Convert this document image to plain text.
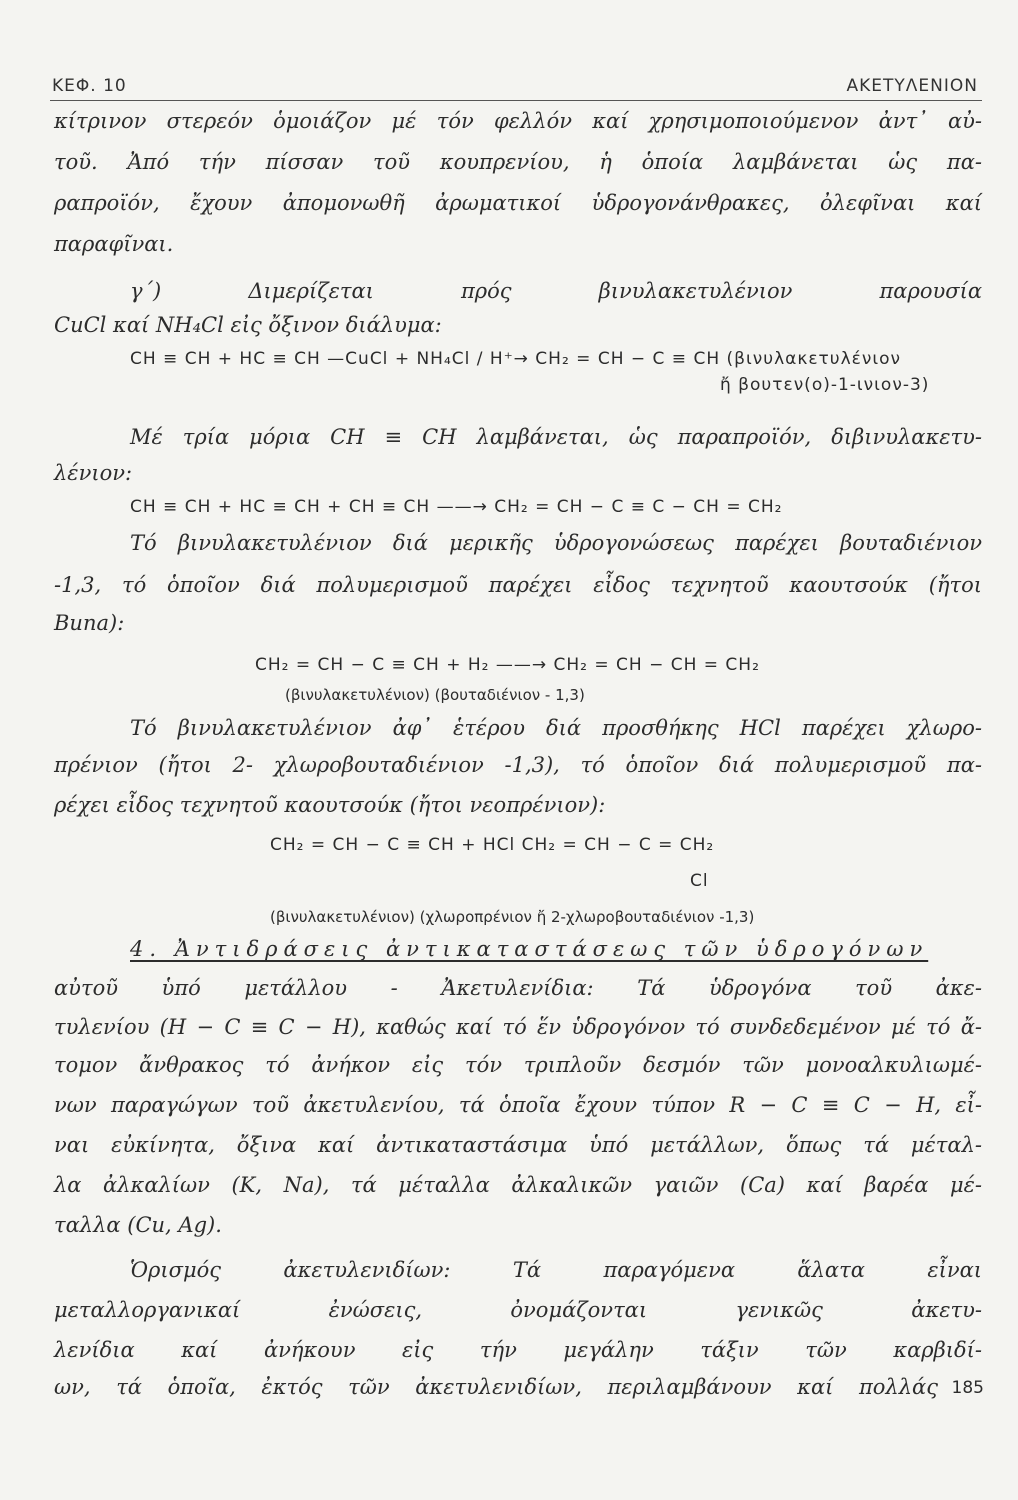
ΚΕΦ. 10	ΑΚΕΤΥΛΕΝΙΟΝ
κίτρινον στερεόν ὁμοιάζον μέ τόν φελλόν καί χρησιμοποιούμενον ἀντ᾽ αὐ-
τοῦ. Ἀπό τήν πίσσαν τοῦ κουπρενίου, ἡ ὁποία λαμβάνεται ὡς πα-
ραπροϊόν, ἔχουν ἀπομονωθῆ ἀρωματικοί ὑδρογονάνθρακες, ὀλεφῖναι καί
παραφῖναι.
γ΄) Διμερίζεται πρός βινυλακετυλένιον παρουσία
CuCl καί NH₄Cl εἰς ὄξινον διάλυμα:
CH ≡ CH + HC ≡ CH —CuCl + NH₄Cl / H⁺→ CH₂ = CH − C ≡ CH (βινυλακετυλένιον
ἤ βουτεν(ο)-1-ινιον-3)
Μέ τρία μόρια CH ≡ CH λαμβάνεται, ὡς παραπροϊόν, διβινυλακετυ-
λένιον:
CH ≡ CH + HC ≡ CH + CH ≡ CH ——→ CH₂ = CH − C ≡ C − CH = CH₂
Τό βινυλακετυλένιον διά μερικῆς ὑδρογονώσεως παρέχει βουταδιένιον
-1,3, τό ὁποῖον διά πολυμερισμοῦ παρέχει εἶδος τεχνητοῦ καουτσούκ (ἤτοι
Buna):
CH₂ = CH − C ≡ CH + H₂ ——→ CH₂ = CH − CH = CH₂
(βινυλακετυλένιον) (βουταδιένιον - 1,3)
Τό βινυλακετυλένιον ἀφ᾽ ἑτέρου διά προσθήκης HCl παρέχει χλωρο-
πρένιον (ἤτοι 2- χλωροβουταδιένιον -1,3), τό ὁποῖον διά πολυμερισμοῦ πα-
ρέχει εἶδος τεχνητοῦ καουτσούκ (ἤτοι νεοπρένιον):
CH₂ = CH − C ≡ CH + HCl CH₂ = CH − C = CH₂
Cl
(βινυλακετυλένιον) (χλωροπρένιον ἤ 2-χλωροβουταδιένιον -1,3)
4. Ἀντιδράσεις ἀντικαταστάσεως τῶν ὑδρογόνων
αὐτοῦ ὑπό μετάλλου - Ἀκετυλενίδια: Τά ὑδρογόνα τοῦ ἀκε-
τυλενίου (H − C ≡ C − H), καθώς καί τό ἕν ὑδρογόνον τό συνδεδεμένον μέ τό ἄ-
τομον ἄνθρακος τό ἀνήκον εἰς τόν τριπλοῦν δεσμόν τῶν μονοαλκυλιωμέ-
νων παραγώγων τοῦ ἀκετυλενίου, τά ὁποῖα ἔχουν τύπον R − C ≡ C − H, εἶ-
ναι εὐκίνητα, ὄξινα καί ἀντικαταστάσιμα ὑπό μετάλλων, ὅπως τά μέταλ-
λα ἀλκαλίων (K, Na), τά μέταλλα ἀλκαλικῶν γαιῶν (Ca) καί βαρέα μέ-
ταλλα (Cu, Ag).
Ὁρισμός ἀκετυλενιδίων: Τά παραγόμενα ἅλατα εἶναι
μεταλλοργανικαί ἐνώσεις, ὀνομάζονται γενικῶς ἀκετυ-
λενίδια καί ἀνήκουν εἰς τήν μεγάλην τάξιν τῶν καρβιδί-
ων, τά ὁποῖα, ἐκτός τῶν ἀκετυλενιδίων, περιλαμβάνουν καί πολλάς 185
